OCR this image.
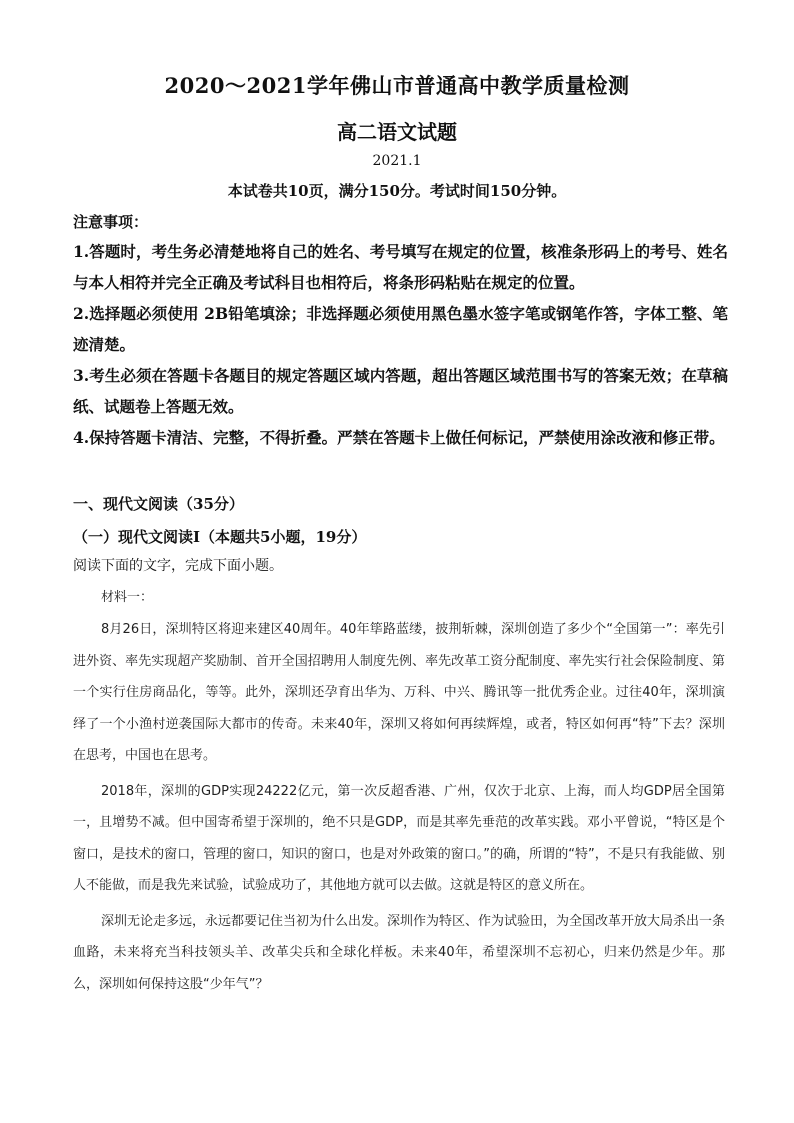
2020～2021学年佛山市普通高中教学质量检测
高二语文试题
2021.1
本试卷共10页，满分150分。考试时间150分钟。
注意事项：
1.答题时，考生务必清楚地将自己的姓名、考号填写在规定的位置，核准条形码上的考号、姓名与本人相符并完全正确及考试科目也相符后，将条形码粘贴在规定的位置。
2.选择题必须使用 2B铅笔填涂；非选择题必须使用黑色墨水签字笔或钢笔作答，字体工整、笔迹清楚。
3.考生必须在答题卡各题目的规定答题区域内答题，超出答题区域范围书写的答案无效；在草稿纸、试题卷上答题无效。
4.保持答题卡清洁、完整，不得折叠。严禁在答题卡上做任何标记，严禁使用涂改液和修正带。
一、现代文阅读（35分）
（一）现代文阅读Ⅰ（本题共5小题，19分）
阅读下面的文字，完成下面小题。
材料一：
8月26日，深圳特区将迎来建区40周年。40年筚路蓝缕，披荆斩棘，深圳创造了多少个“全国第一”：率先引进外资、率先实现超产奖励制、首开全国招聘用人制度先例、率先改革工资分配制度、率先实行社会保险制度、第一个实行住房商品化，等等。此外，深圳还孕育出华为、万科、中兴、腾讯等一批优秀企业。过往40年，深圳演绎了一个小渔村逆袭国际大都市的传奇。未来40年，深圳又将如何再续辉煌，或者，特区如何再“特”下去？深圳在思考，中国也在思考。
2018年，深圳的GDP实现24222亿元，第一次反超香港、广州，仅次于北京、上海，而人均GDP居全国第一，且增势不减。但中国寄希望于深圳的，绝不只是GDP，而是其率先垂范的改革实践。邓小平曾说，“特区是个窗口，是技术的窗口，管理的窗口，知识的窗口，也是对外政策的窗口。”的确，所谓的“特”，不是只有我能做、别人不能做，而是我先来试验，试验成功了，其他地方就可以去做。这就是特区的意义所在。
深圳无论走多远，永远都要记住当初为什么出发。深圳作为特区、作为试验田，为全国改革开放大局杀出一条血路，未来将充当科技领头羊、改革尖兵和全球化样板。未来40年，希望深圳不忘初心，归来仍然是少年。那么，深圳如何保持这股“少年气”？
